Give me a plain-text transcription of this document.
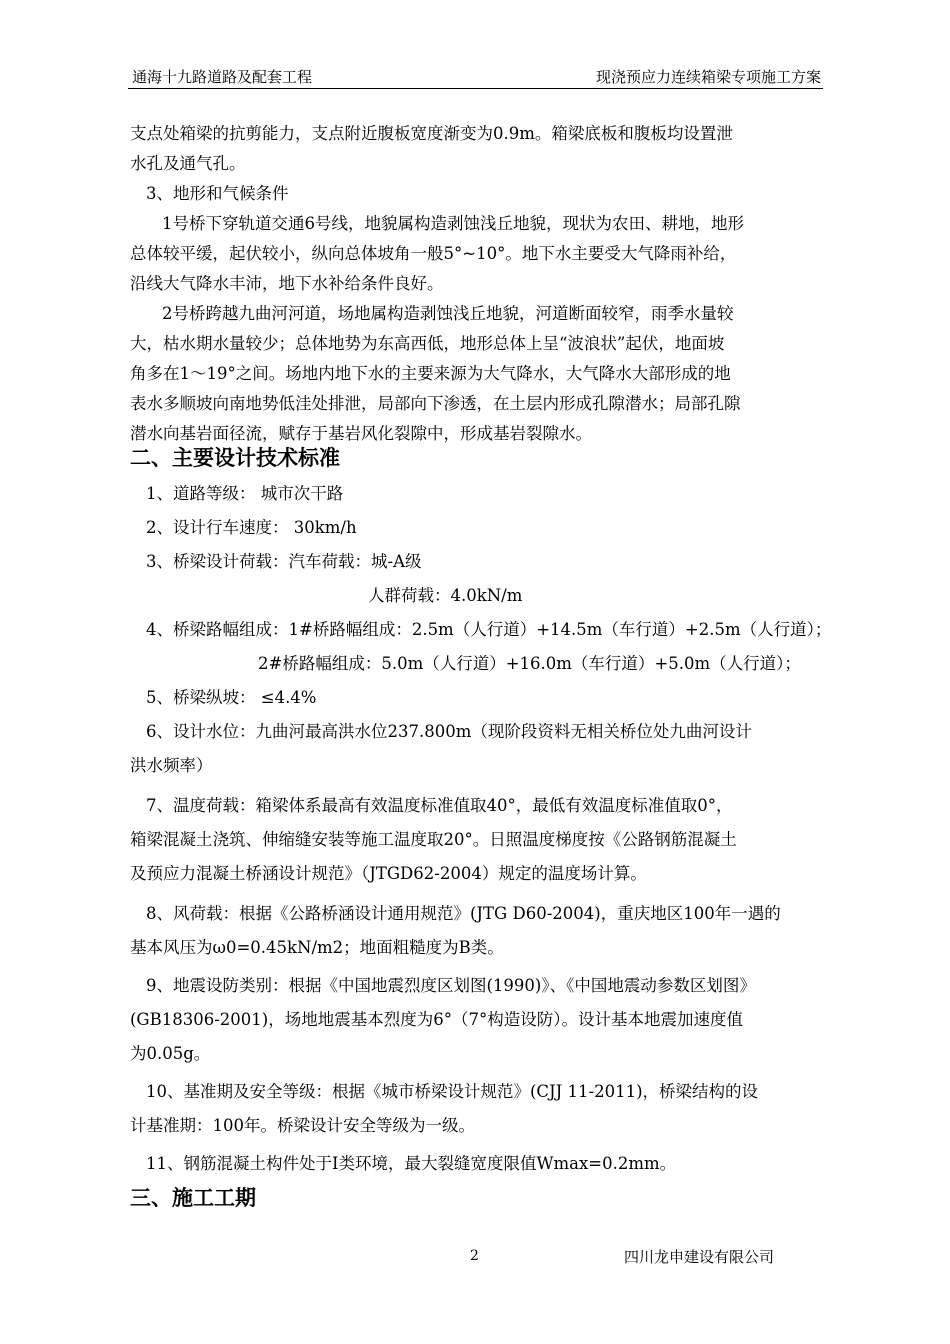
通海十九路道路及配套工程	现浇预应力连续箱梁专项施工方案
支点处箱梁的抗剪能力，支点附近腹板宽度渐变为0.9m。箱梁底板和腹板均设置泄
水孔及通气孔。
3、地形和气候条件
1号桥下穿轨道交通6号线，地貌属构造剥蚀浅丘地貌，现状为农田、耕地，地形
总体较平缓，起伏较小，纵向总体坡角一般5°~10°。地下水主要受大气降雨补给，
沿线大气降水丰沛，地下水补给条件良好。
2号桥跨越九曲河河道，场地属构造剥蚀浅丘地貌，河道断面较窄，雨季水量较
大，枯水期水量较少；总体地势为东高西低，地形总体上呈“波浪状”起伏，地面坡
角多在1～19°之间。场地内地下水的主要来源为大气降水，大气降水大部形成的地
表水多顺坡向南地势低洼处排泄，局部向下渗透，在土层内形成孔隙潜水；局部孔隙
潜水向基岩面径流，赋存于基岩风化裂隙中，形成基岩裂隙水。
二、主要设计技术标准
1、道路等级： 城市次干路
2、设计行车速度： 30km/h
3、桥梁设计荷载：汽车荷载：城-A级
人群荷载：4.0kN/m
4、桥梁路幅组成：1#桥路幅组成：2.5m（人行道）+14.5m（车行道）+2.5m（人行道）；
2#桥路幅组成：5.0m（人行道）+16.0m（车行道）+5.0m（人行道）；
5、桥梁纵坡： ≤4.4%
6、设计水位：九曲河最高洪水位237.800m（现阶段资料无相关桥位处九曲河设计
洪水频率）
7、温度荷载：箱梁体系最高有效温度标准值取40°，最低有效温度标准值取0°，
箱梁混凝土浇筑、伸缩缝安装等施工温度取20°。日照温度梯度按《公路钢筋混凝土
及预应力混凝土桥涵设计规范》（JTGD62-2004）规定的温度场计算。
8、风荷载：根据《公路桥涵设计通用规范》(JTG D60-2004)，重庆地区100年一遇的
基本风压为ω0=0.45kN/m2；地面粗糙度为B类。
9、地震设防类别：根据《中国地震烈度区划图(1990)》、《中国地震动参数区划图》
(GB18306-2001)，场地地震基本烈度为6°（7°构造设防）。设计基本地震加速度值
为0.05g。
10、基准期及安全等级：根据《城市桥梁设计规范》(CJJ 11-2011)，桥梁结构的设
计基准期：100年。桥梁设计安全等级为一级。
11、钢筋混凝土构件处于Ⅰ类环境，最大裂缝宽度限值Wmax=0.2mm。
三、施工工期
2	四川龙申建设有限公司
